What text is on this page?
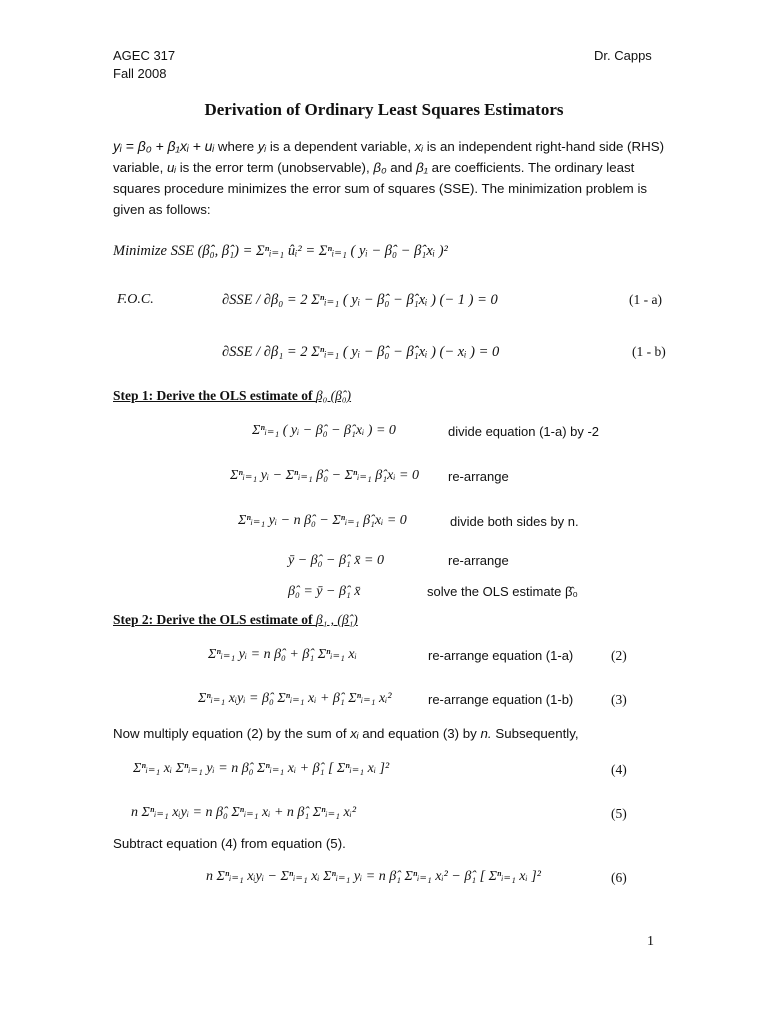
AGEC 317
Fall 2008
Dr. Capps
Derivation of Ordinary Least Squares Estimators
yᵢ = β₀ + β₁xᵢ + uᵢ where yᵢ is a dependent variable, xᵢ is an independent right-hand side (RHS) variable, uᵢ is the error term (unobservable), β₀ and β₁ are coefficients. The ordinary least squares procedure minimizes the error sum of squares (SSE). The minimization problem is given as follows:
Minimize SSE (β̂₀, β̂₁) = Σⁿᵢ₌₁ ûᵢ² = Σⁿᵢ₌₁ ( yᵢ − β̂₀ − β̂₁xᵢ )²
F.O.C.	∂SSE / ∂β₀ = 2 Σⁿᵢ₌₁ ( yᵢ − β̂₀ − β̂₁xᵢ ) (− 1 ) = 0	(1 - a)
∂SSE / ∂β₁ = 2 Σⁿᵢ₌₁ ( yᵢ − β̂₀ − β̂₁xᵢ ) (− xᵢ ) = 0	(1 - b)
Step 1: Derive the OLS estimate of β₀ (β̂₀)
Σⁿᵢ₌₁ ( yᵢ − β̂₀ − β̂₁xᵢ ) = 0	divide equation (1-a) by -2
Σⁿᵢ₌₁ yᵢ − Σⁿᵢ₌₁ β̂₀ − Σⁿᵢ₌₁ β̂₁xᵢ = 0 re-arrange
Σⁿᵢ₌₁ yᵢ − n β̂₀ − Σⁿᵢ₌₁ β̂₁xᵢ = 0	divide both sides by n.
ȳ − β̂₀ − β̂₁ x̄ = 0	re-arrange
β̂₀ = ȳ − β̂₁ x̄	solve the OLS estimate β̂₀
Step 2: Derive the OLS estimate of β₁ , (β̂₁)
Σⁿᵢ₌₁ yᵢ = n β̂₀ + β̂₁ Σⁿᵢ₌₁ xᵢ	re-arrange equation (1-a)	(2)
Σⁿᵢ₌₁ xᵢyᵢ = β̂₀ Σⁿᵢ₌₁ xᵢ + β̂₁ Σⁿᵢ₌₁ xᵢ²	re-arrange equation (1-b)	(3)
Now multiply equation (2) by the sum of xᵢ and equation (3) by n. Subsequently,
Σⁿᵢ₌₁ xᵢ Σⁿᵢ₌₁ yᵢ = n β̂₀ Σⁿᵢ₌₁ xᵢ + β̂₁ [ Σⁿᵢ₌₁ xᵢ ]²	(4)
n Σⁿᵢ₌₁ xᵢyᵢ = n β̂₀ Σⁿᵢ₌₁ xᵢ + n β̂₁ Σⁿᵢ₌₁ xᵢ²	(5)
Subtract equation (4) from equation (5).
n Σⁿᵢ₌₁ xᵢyᵢ − Σⁿᵢ₌₁ xᵢ Σⁿᵢ₌₁ yᵢ = n β̂₁ Σⁿᵢ₌₁ xᵢ² − β̂₁ [ Σⁿᵢ₌₁ xᵢ ]²	(6)
1
